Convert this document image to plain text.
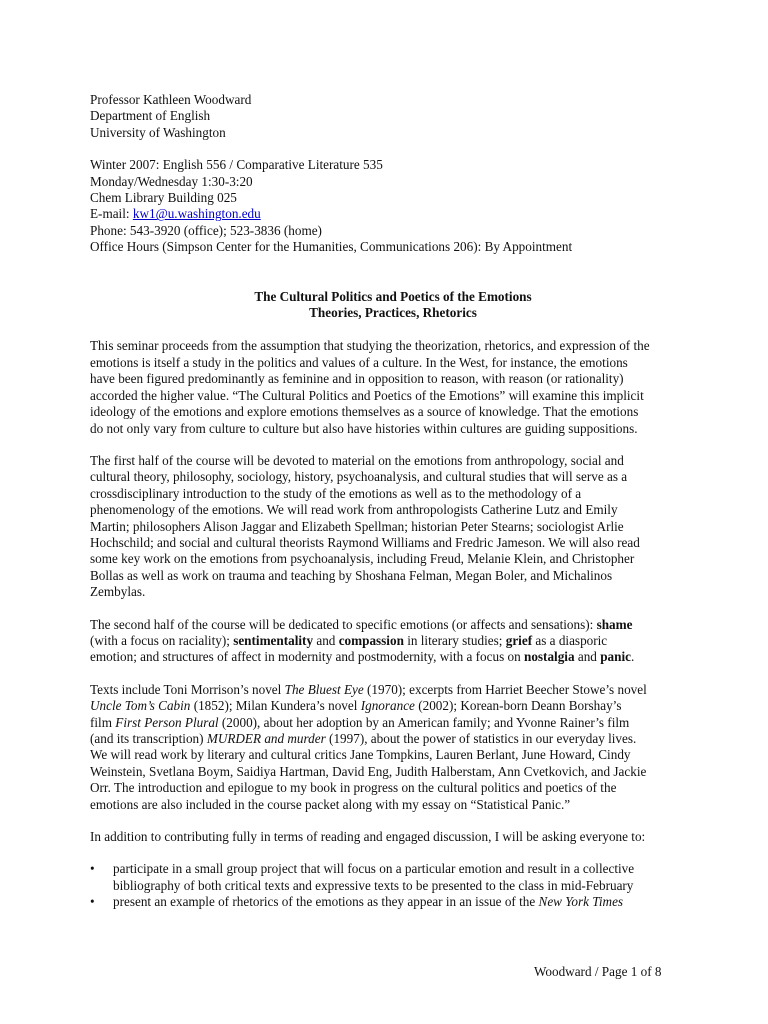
Professor Kathleen Woodward
Department of English
University of Washington
Winter 2007: English 556 / Comparative Literature 535
Monday/Wednesday 1:30-3:20
Chem Library Building 025
E-mail: kw1@u.washington.edu
Phone: 543-3920 (office); 523-3836 (home)
Office Hours (Simpson Center for the Humanities, Communications 206): By Appointment
The Cultural Politics and Poetics of the Emotions
Theories, Practices, Rhetorics
This seminar proceeds from the assumption that studying the theorization, rhetorics, and expression of the
emotions is itself a study in the politics and values of a culture. In the West, for instance, the emotions
have been figured predominantly as feminine and in opposition to reason, with reason (or rationality)
accorded the higher value. “The Cultural Politics and Poetics of the Emotions” will examine this implicit
ideology of the emotions and explore emotions themselves as a source of knowledge. That the emotions
do not only vary from culture to culture but also have histories within cultures are guiding suppositions.
The first half of the course will be devoted to material on the emotions from anthropology, social and
cultural theory, philosophy, sociology, history, psychoanalysis, and cultural studies that will serve as a
crossdisciplinary introduction to the study of the emotions as well as to the methodology of a
phenomenology of the emotions. We will read work from anthropologists Catherine Lutz and Emily
Martin; philosophers Alison Jaggar and Elizabeth Spellman; historian Peter Stearns; sociologist Arlie
Hochschild; and social and cultural theorists Raymond Williams and Fredric Jameson. We will also read
some key work on the emotions from psychoanalysis, including Freud, Melanie Klein, and Christopher
Bollas as well as work on trauma and teaching by Shoshana Felman, Megan Boler, and Michalinos
Zembylas.
The second half of the course will be dedicated to specific emotions (or affects and sensations): shame
(with a focus on raciality); sentimentality and compassion in literary studies; grief as a diasporic
emotion; and structures of affect in modernity and postmodernity, with a focus on nostalgia and panic.
Texts include Toni Morrison’s novel The Bluest Eye (1970); excerpts from Harriet Beecher Stowe’s novel
Uncle Tom’s Cabin (1852); Milan Kundera’s novel Ignorance (2002); Korean-born Deann Borshay’s
film First Person Plural (2000), about her adoption by an American family; and Yvonne Rainer’s film
(and its transcription) MURDER and murder (1997), about the power of statistics in our everyday lives.
We will read work by literary and cultural critics Jane Tompkins, Lauren Berlant, June Howard, Cindy
Weinstein, Svetlana Boym, Saidiya Hartman, David Eng, Judith Halberstam, Ann Cvetkovich, and Jackie
Orr. The introduction and epilogue to my book in progress on the cultural politics and poetics of the
emotions are also included in the course packet along with my essay on “Statistical Panic.”

In addition to contributing fully in terms of reading and engaged discussion, I will be asking everyone to:

• participate in a small group project that will focus on a particular emotion and result in a collective
bibliography of both critical texts and expressive texts to be presented to the class in mid-February
• present an example of rhetorics of the emotions as they appear in an issue of the New York Times
Woodward / Page 1 of 8
